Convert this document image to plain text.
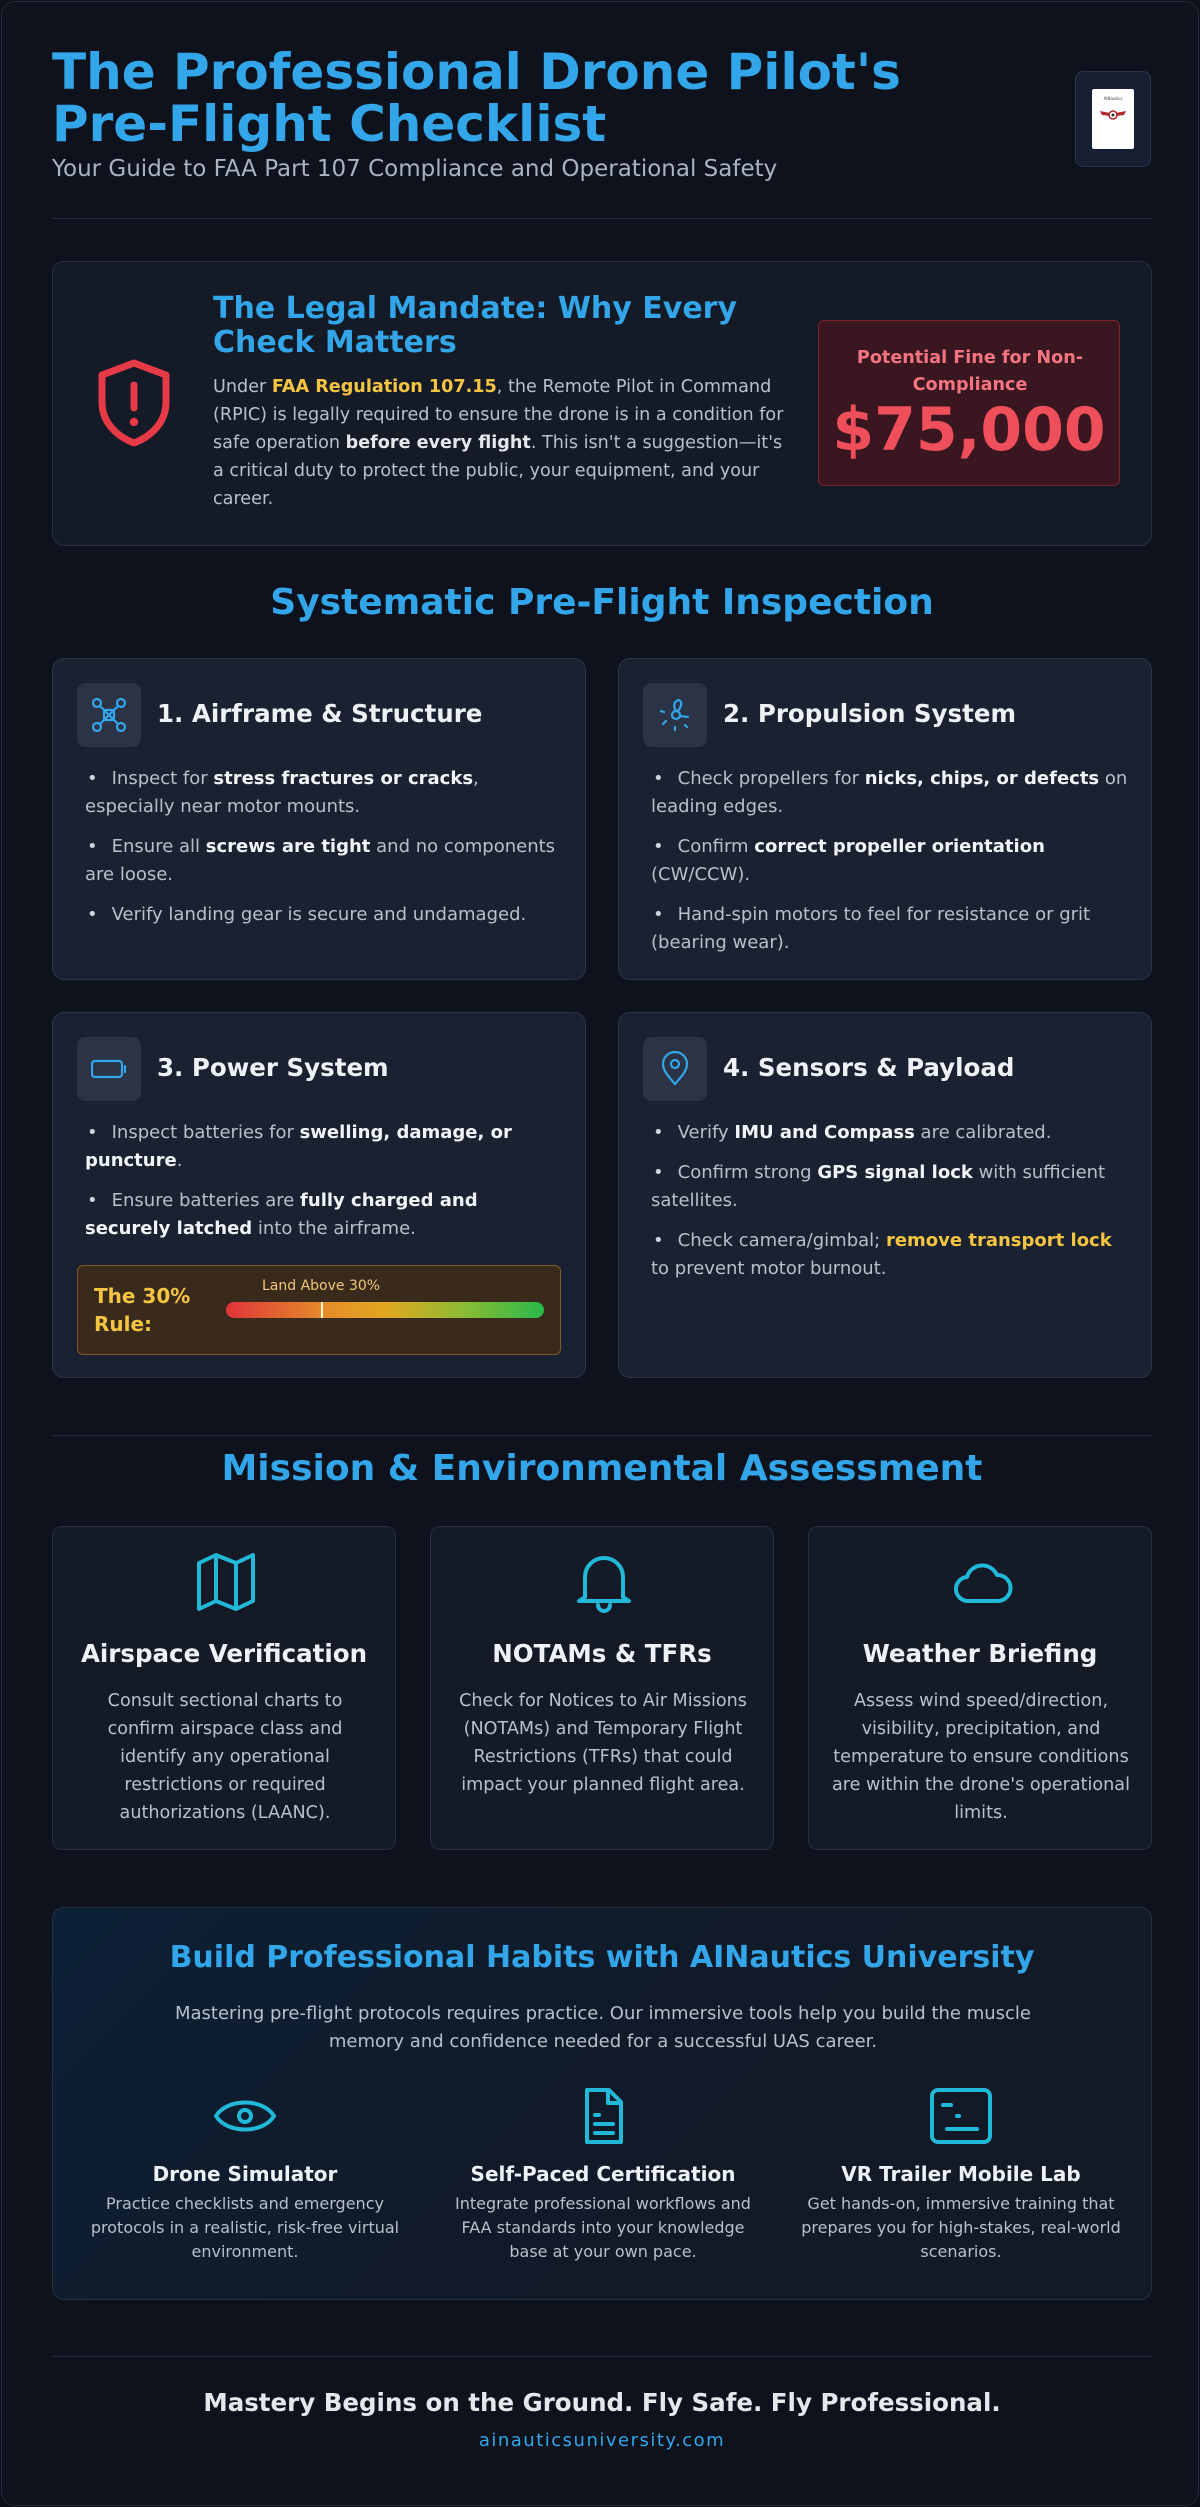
The Professional Drone Pilot's Pre-Flight Checklist
Your Guide to FAA Part 107 Compliance and Operational Safety
AINautics
The Legal Mandate: Why Every Check Matters

Under FAA Regulation 107.15, the Remote Pilot in Command (RPIC) is legally required to ensure the drone is in a condition for safe operation before every flight. This isn't a suggestion—it's a critical duty to protect the public, your equipment, and your career.

Potential Fine for Non-Compliance
$75,000
Systematic Pre-Flight Inspection
1. Airframe & Structure
• Inspect for stress fractures or cracks, especially near motor mounts.
• Ensure all screws are tight and no components are loose.
• Verify landing gear is secure and undamaged.
2. Propulsion System
• Check propellers for nicks, chips, or defects on leading edges.
• Confirm correct propeller orientation (CW/CCW).
• Hand-spin motors to feel for resistance or grit (bearing wear).
3. Power System
• Inspect batteries for swelling, damage, or puncture.
• Ensure batteries are fully charged and securely latched into the airframe.
The 30% Rule:
Land Above 30%
4. Sensors & Payload
• Verify IMU and Compass are calibrated.
• Confirm strong GPS signal lock with sufficient satellites.
• Check camera/gimbal; remove transport lock to prevent motor burnout.
Mission & Environmental Assessment
Airspace Verification

Consult sectional charts to confirm airspace class and identify any operational restrictions or required authorizations (LAANC).

NOTAMs & TFRs

Check for Notices to Air Missions (NOTAMs) and Temporary Flight Restrictions (TFRs) that could impact your planned flight area.

Weather Briefing

Assess wind speed/direction, visibility, precipitation, and temperature to ensure conditions are within the drone's operational limits.

Build Professional Habits with AINautics University

Mastering pre-flight protocols requires practice. Our immersive tools help you build the muscle memory and confidence needed for a successful UAS career.

Drone Simulator
Practice checklists and emergency protocols in a realistic, risk-free virtual environment.
Self-Paced Certification
Integrate professional workflows and FAA standards into your knowledge base at your own pace.
VR Trailer Mobile Lab
Get hands-on, immersive training that prepares you for high-stakes, real-world scenarios.
Mastery Begins on the Ground. Fly Safe. Fly Professional.
ainauticsuniversity.com
